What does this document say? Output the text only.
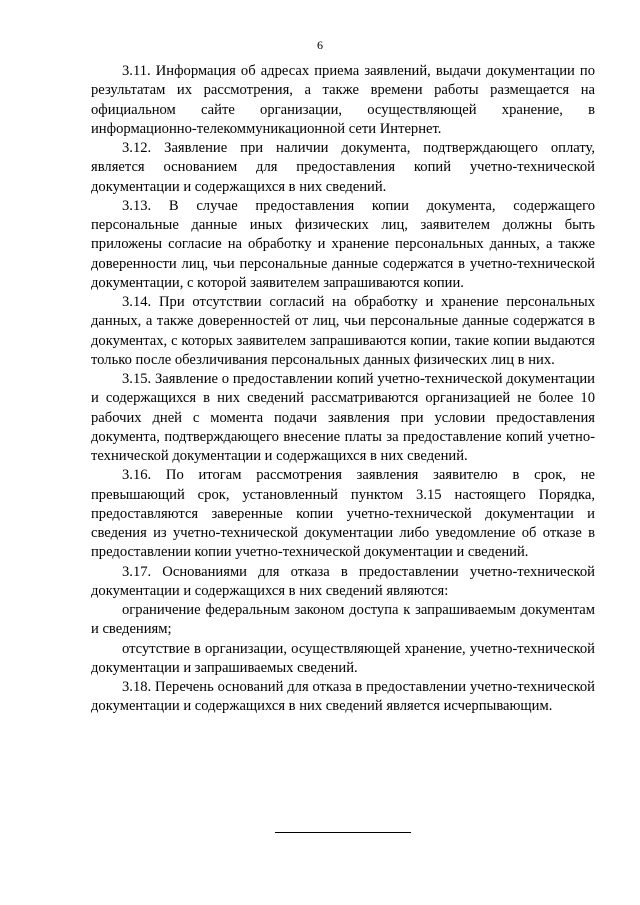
6

3.11. Информация об адресах приема заявлений, выдачи документации по результатам их рассмотрения, а также времени работы размещается на официальном сайте организации, осуществляющей хранение, в информационно-телекоммуникационной сети Интернет.

3.12. Заявление при наличии документа, подтверждающего оплату, является основанием для предоставления копий учетно-технической документации и содержащихся в них сведений.

3.13. В случае предоставления копии документа, содержащего персональные данные иных физических лиц, заявителем должны быть приложены согласие на обработку и хранение персональных данных, а также доверенности лиц, чьи персональные данные содержатся в учетно-технической документации, с которой заявителем запрашиваются копии.

3.14. При отсутствии согласий на обработку и хранение персональных данных, а также доверенностей от лиц, чьи персональные данные содержатся в документах, с которых заявителем запрашиваются копии, такие копии выдаются только после обезличивания персональных данных физических лиц в них.

3.15. Заявление о предоставлении копий учетно-технической документации и содержащихся в них сведений рассматриваются организацией не более 10 рабочих дней с момента подачи заявления при условии предоставления документа, подтверждающего внесение платы за предоставление копий учетно-технической документации и содержащихся в них сведений.

3.16. По итогам рассмотрения заявления заявителю в срок, не превышающий срок, установленный пунктом 3.15 настоящего Порядка, предоставляются заверенные копии учетно-технической документации и сведения из учетно-технической документации либо уведомление об отказе в предоставлении копии учетно-технической документации и сведений.

3.17. Основаниями для отказа в предоставлении учетно-технической документации и содержащихся в них сведений являются:

ограничение федеральным законом доступа к запрашиваемым документам и сведениям;

отсутствие в организации, осуществляющей хранение, учетно-технической документации и запрашиваемых сведений.

3.18. Перечень оснований для отказа в предоставлении учетно-технической документации и содержащихся в них сведений является исчерпывающим.
